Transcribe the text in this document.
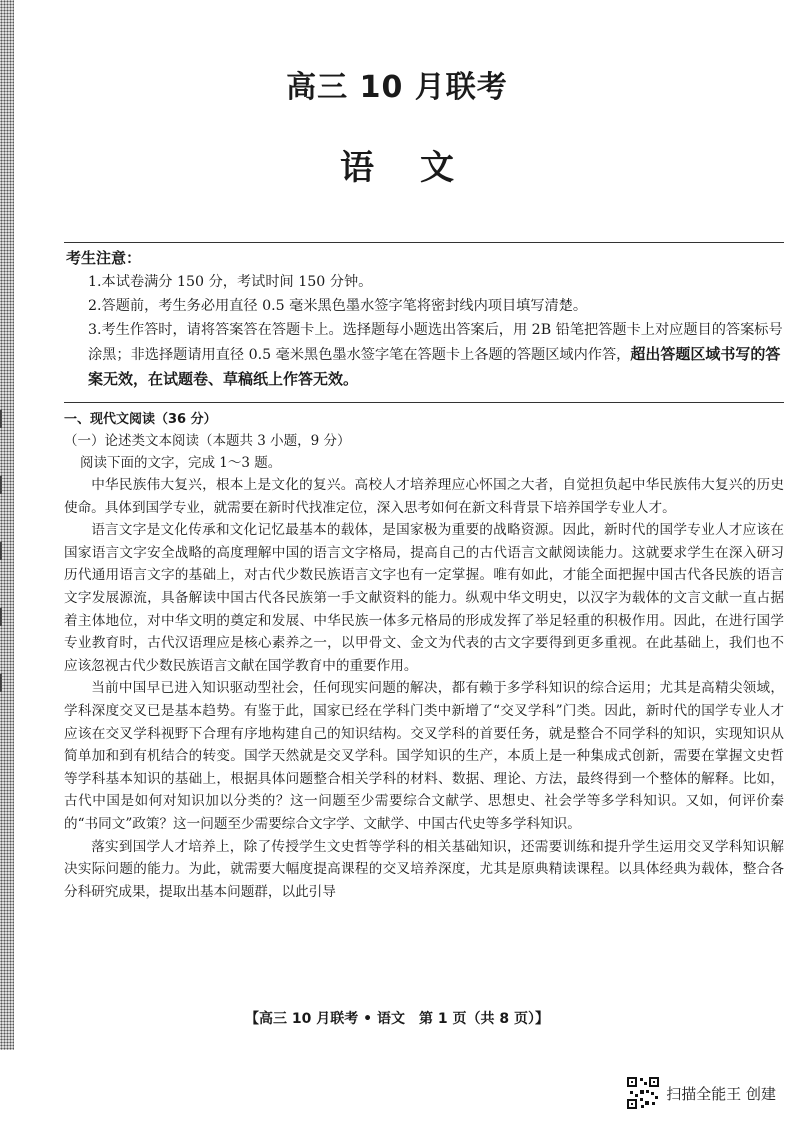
高三 10 月联考
语文
考生注意：
1.本试卷满分 150 分，考试时间 150 分钟。
2.答题前，考生务必用直径 0.5 毫米黑色墨水签字笔将密封线内项目填写清楚。
3.考生作答时，请将答案答在答题卡上。选择题每小题选出答案后，用 2B 铅笔把答题卡上对应题目的答案标号涂黑；非选择题请用直径 0.5 毫米黑色墨水签字笔在答题卡上各题的答题区域内作答，超出答题区域书写的答案无效，在试题卷、草稿纸上作答无效。
一、现代文阅读（36 分）
（一）论述类文本阅读（本题共 3 小题，9 分）
阅读下面的文字，完成 1～3 题。

中华民族伟大复兴，根本上是文化的复兴。高校人才培养理应心怀国之大者，自觉担负起中华民族伟大复兴的历史使命。具体到国学专业，就需要在新时代找准定位，深入思考如何在新文科背景下培养国学专业人才。

语言文字是文化传承和文化记忆最基本的载体，是国家极为重要的战略资源。因此，新时代的国学专业人才应该在国家语言文字安全战略的高度理解中国的语言文字格局，提高自己的古代语言文献阅读能力。这就要求学生在深入研习历代通用语言文字的基础上，对古代少数民族语言文字也有一定掌握。唯有如此，才能全面把握中国古代各民族的语言文字发展源流，具备解读中国古代各民族第一手文献资料的能力。纵观中华文明史，以汉字为载体的文言文献一直占据着主体地位，对中华文明的奠定和发展、中华民族一体多元格局的形成发挥了举足轻重的积极作用。因此，在进行国学专业教育时，古代汉语理应是核心素养之一，以甲骨文、金文为代表的古文字要得到更多重视。在此基础上，我们也不应该忽视古代少数民族语言文献在国学教育中的重要作用。

当前中国早已进入知识驱动型社会，任何现实问题的解决，都有赖于多学科知识的综合运用；尤其是高精尖领域，学科深度交叉已是基本趋势。有鉴于此，国家已经在学科门类中新增了“交叉学科”门类。因此，新时代的国学专业人才应该在交叉学科视野下合理有序地构建自己的知识结构。交叉学科的首要任务，就是整合不同学科的知识，实现知识从简单加和到有机结合的转变。国学天然就是交叉学科。国学知识的生产，本质上是一种集成式创新，需要在掌握文史哲等学科基本知识的基础上，根据具体问题整合相关学科的材料、数据、理论、方法，最终得到一个整体的解释。比如，古代中国是如何对知识加以分类的？这一问题至少需要综合文献学、思想史、社会学等多学科知识。又如，何评价秦的“书同文”政策？这一问题至少需要综合文字学、文献学、中国古代史等多学科知识。

落实到国学人才培养上，除了传授学生文史哲等学科的相关基础知识，还需要训练和提升学生运用交叉学科知识解决实际问题的能力。为此，就需要大幅度提高课程的交叉培养深度，尤其是原典精读课程。以具体经典为载体，整合各分科研究成果，提取出基本问题群，以此引导

【高三 10 月联考 • 语文　第 1 页（共 8 页）】
扫描全能王 创建
